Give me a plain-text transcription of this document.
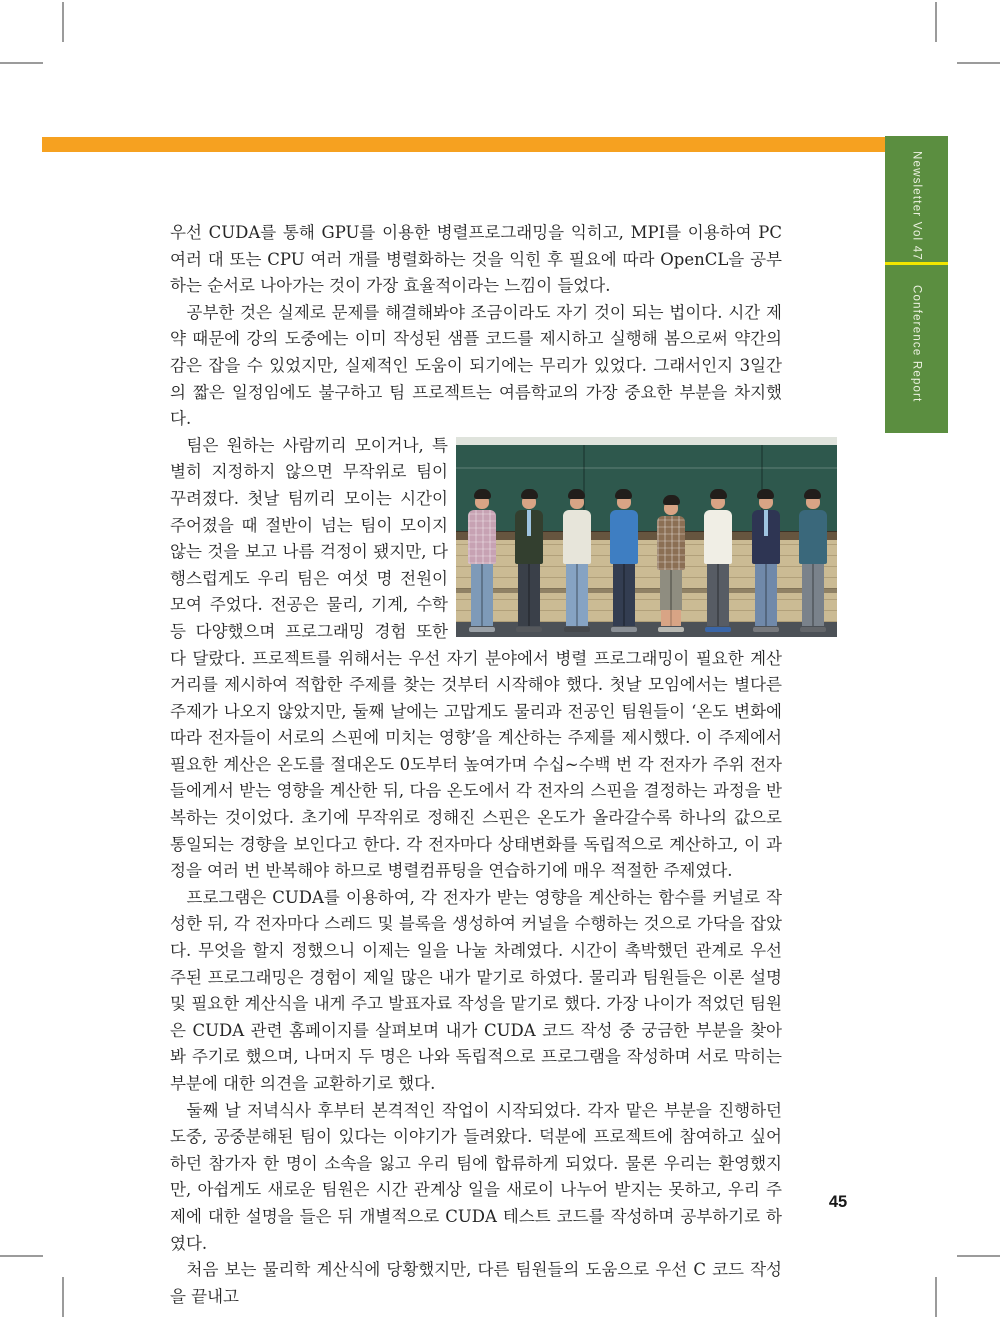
Newsletter Vol 47
Conference Report

우선 CUDA를 통해 GPU를 이용한 병렬프로그래밍을 익히고, MPI를 이용하여 PC 여러 대 또는 CPU 여러 개를 병렬화하는 것을 익힌 후 필요에 따라 OpenCL을 공부하는 순서로 나아가는 것이 가장 효율적이라는 느낌이 들었다.

공부한 것은 실제로 문제를 해결해봐야 조금이라도 자기 것이 되는 법이다. 시간 제약 때문에 강의 도중에는 이미 작성된 샘플 코드를 제시하고 실행해 봄으로써 약간의 감은 잡을 수 있었지만, 실제적인 도움이 되기에는 무리가 있었다. 그래서인지 3일간의 짧은 일정임에도 불구하고 팀 프로젝트는 여름학교의 가장 중요한 부분을 차지했다.

팀은 원하는 사람끼리 모이거나, 특별히 지정하지 않으면 무작위로 팀이 꾸려졌다. 첫날 팀끼리 모이는 시간이 주어졌을 때 절반이 넘는 팀이 모이지 않는 것을 보고 나름 걱정이 됐지만, 다행스럽게도 우리 팀은 여섯 명 전원이 모여 주었다. 전공은 물리, 기계, 수학 등 다양했으며 프로그래밍 경험 또한 다 달랐다. 프로젝트를 위해서는 우선 자기 분야에서 병렬 프로그래밍이 필요한 계산거리를 제시하여 적합한 주제를 찾는 것부터 시작해야 했다. 첫날 모임에서는 별다른 주제가 나오지 않았지만, 둘째 날에는 고맙게도 물리과 전공인 팀원들이 ‘온도 변화에 따라 전자들이 서로의 스핀에 미치는 영향’을 계산하는 주제를 제시했다. 이 주제에서 필요한 계산은 온도를 절대온도 0도부터 높여가며 수십~수백 번 각 전자가 주위 전자들에게서 받는 영향을 계산한 뒤, 다음 온도에서 각 전자의 스핀을 결정하는 과정을 반복하는 것이었다. 초기에 무작위로 정해진 스핀은 온도가 올라갈수록 하나의 값으로 통일되는 경향을 보인다고 한다. 각 전자마다 상태변화를 독립적으로 계산하고, 이 과정을 여러 번 반복해야 하므로 병렬컴퓨팅을 연습하기에 매우 적절한 주제였다.

프로그램은 CUDA를 이용하여, 각 전자가 받는 영향을 계산하는 함수를 커널로 작성한 뒤, 각 전자마다 스레드 및 블록을 생성하여 커널을 수행하는 것으로 가닥을 잡았다. 무엇을 할지 정했으니 이제는 일을 나눌 차례였다. 시간이 촉박했던 관계로 우선 주된 프로그래밍은 경험이 제일 많은 내가 맡기로 하였다. 물리과 팀원들은 이론 설명 및 필요한 계산식을 내게 주고 발표자료 작성을 맡기로 했다. 가장 나이가 적었던 팀원은 CUDA 관련 홈페이지를 살펴보며 내가 CUDA 코드 작성 중 궁금한 부분을 찾아봐 주기로 했으며, 나머지 두 명은 나와 독립적으로 프로그램을 작성하며 서로 막히는 부분에 대한 의견을 교환하기로 했다.

둘째 날 저녁식사 후부터 본격적인 작업이 시작되었다. 각자 맡은 부분을 진행하던 도중, 공중분해된 팀이 있다는 이야기가 들려왔다. 덕분에 프로젝트에 참여하고 싶어 하던 참가자 한 명이 소속을 잃고 우리 팀에 합류하게 되었다. 물론 우리는 환영했지만, 아쉽게도 새로운 팀원은 시간 관계상 일을 새로이 나누어 받지는 못하고, 우리 주제에 대한 설명을 들은 뒤 개별적으로 CUDA 테스트 코드를 작성하며 공부하기로 하였다.

처음 보는 물리학 계산식에 당황했지만, 다른 팀원들의 도움으로 우선 C 코드 작성을 끝내고

45
